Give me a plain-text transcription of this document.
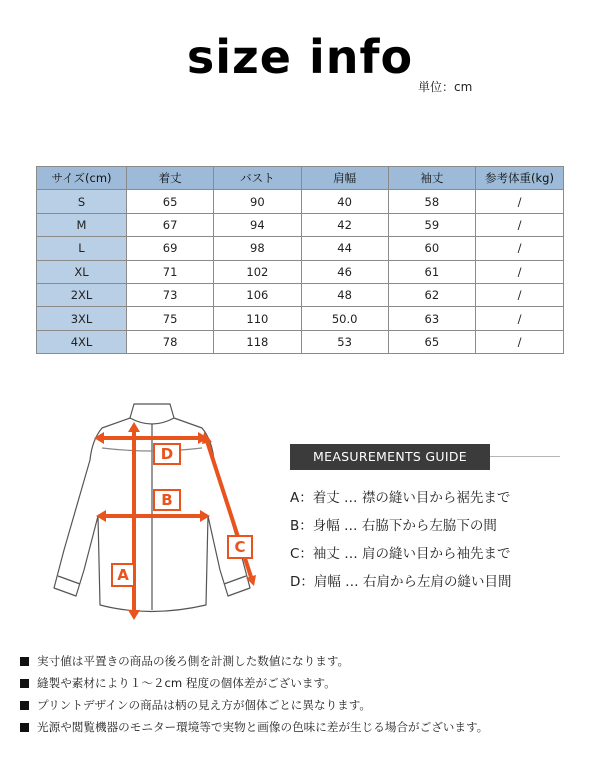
size info
単位：cm
サイズ(cm)	着丈	バスト	肩幅	袖丈	参考体重(kg)
S	65	90	40	58	/
M	67	94	42	59	/
L	69	98	44	60	/
XL	71	102	46	61	/
2XL	73	106	48	62	/
3XL	75	110	50.0	63	/
4XL	78	118	53	65	/
D
B
A
C
MEASUREMENTS GUIDE
A：着丈 … 襟の縫い目から裾先まで
B：身幅 … 右脇下から左脇下の間
C：袖丈 … 肩の縫い目から袖先まで
D：肩幅 … 右肩から左肩の縫い目間
実寸値は平置きの商品の後ろ側を計測した数値になります。
縫製や素材により１～２cm 程度の個体差がございます。
プリントデザインの商品は柄の見え方が個体ごとに異なります。
光源や閲覧機器のモニター環境等で実物と画像の色味に差が生じる場合がございます。
